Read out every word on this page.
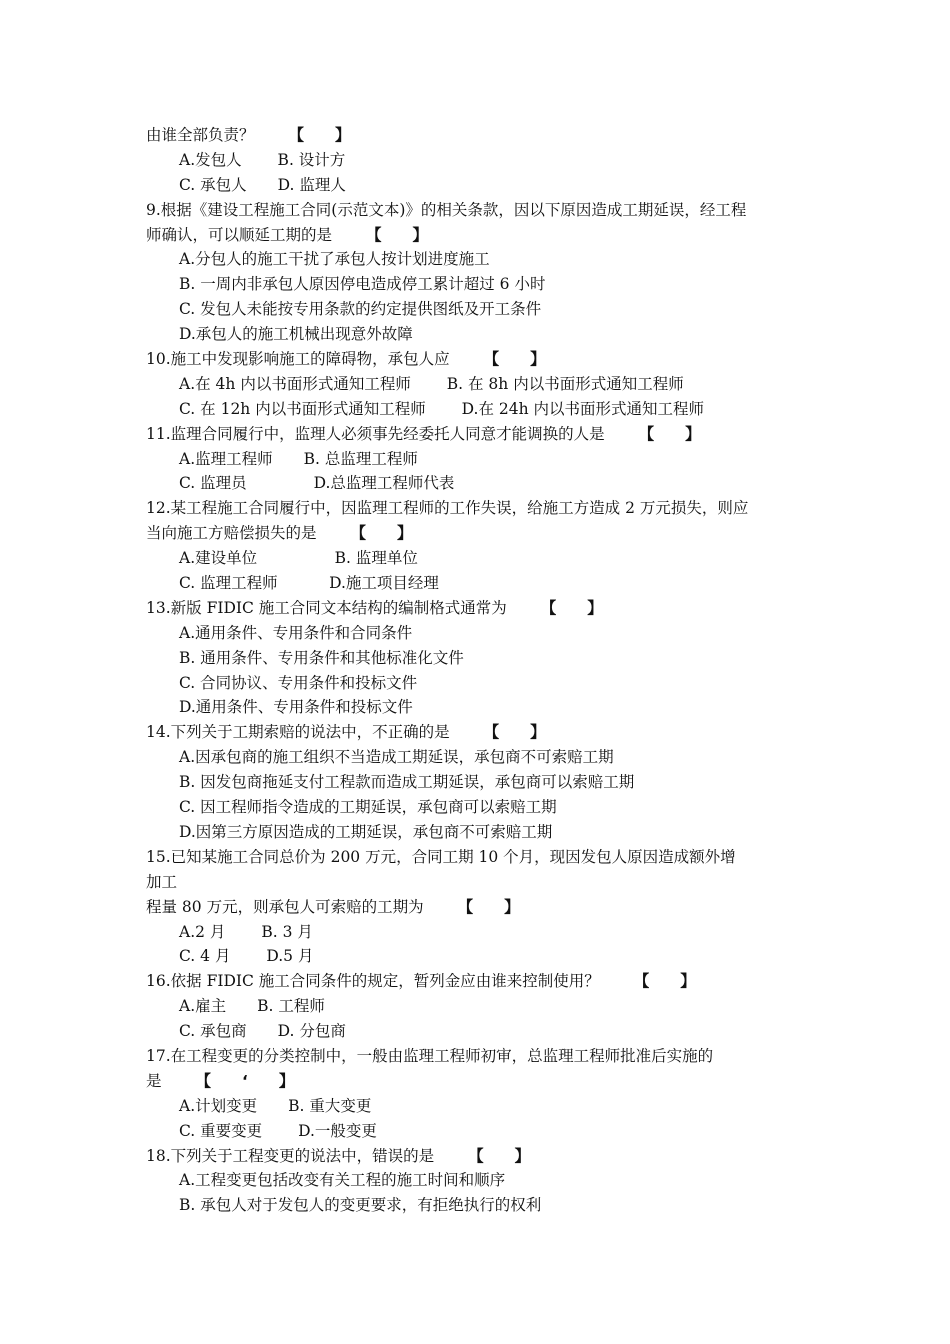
由谁全部负责？ 【　　】
A.发包人　　 B. 设计方
C. 承包人　　D. 监理人
9.根据《建设工程施工合同(示范文本)》的相关条款，因以下原因造成工期延误，经工程
师确认，可以顺延工期的是 【　　】
A.分包人的施工干扰了承包人按计划进度施工
B. 一周内非承包人原因停电造成停工累计超过 6 小时
C. 发包人未能按专用条款的约定提供图纸及开工条件
D.承包人的施工机械出现意外故障
10.施工中发现影响施工的障碍物，承包人应 【　　】
A.在 4h 内以书面形式通知工程师　　 B. 在 8h 内以书面形式通知工程师
C. 在 12h 内以书面形式通知工程师　　 D.在 24h 内以书面形式通知工程师
11.监理合同履行中，监理人必须事先经委托人同意才能调换的人是 【　　】
A.监理工程师　　B. 总监理工程师
C. 监理员　　　　 D.总监理工程师代表
12.某工程施工合同履行中，因监理工程师的工作失误，给施工方造成 2 万元损失，则应
当向施工方赔偿损失的是 【　　】
A.建设单位　　　　　B. 监理单位
C. 监理工程师　　　 D.施工项目经理
13.新版 FIDIC 施工合同文本结构的编制格式通常为 【　　】
A.通用条件、专用条件和合同条件
B. 通用条件、专用条件和其他标准化文件
C. 合同协议、专用条件和投标文件
D.通用条件、专用条件和投标文件
14.下列关于工期索赔的说法中，不正确的是 【　　】
A.因承包商的施工组织不当造成工期延误，承包商不可索赔工期
B. 因发包商拖延支付工程款而造成工期延误，承包商可以索赔工期
C. 因工程师指令造成的工期延误，承包商可以索赔工期
D.因第三方原因造成的工期延误，承包商不可索赔工期
15.已知某施工合同总价为 200 万元，合同工期 10 个月，现因发包人原因造成额外增
加工
程量 80 万元，则承包人可索赔的工期为 【　　】
A.2 月　　 B. 3 月
C. 4 月　　 D.5 月
16.依据 FIDIC 施工合同条件的规定，暂列金应由谁来控制使用？ 【　　】
A.雇主　　B. 工程师
C. 承包商　　D. 分包商
17.在工程变更的分类控制中，一般由监理工程师初审，总监理工程师批准后实施的
是 【　　‘　　】
A.计划变更　　B. 重大变更
C. 重要变更　　 D.一般变更
18.下列关于工程变更的说法中，错误的是 【　　】
A.工程变更包括改变有关工程的施工时间和顺序
B. 承包人对于发包人的变更要求，有拒绝执行的权利
